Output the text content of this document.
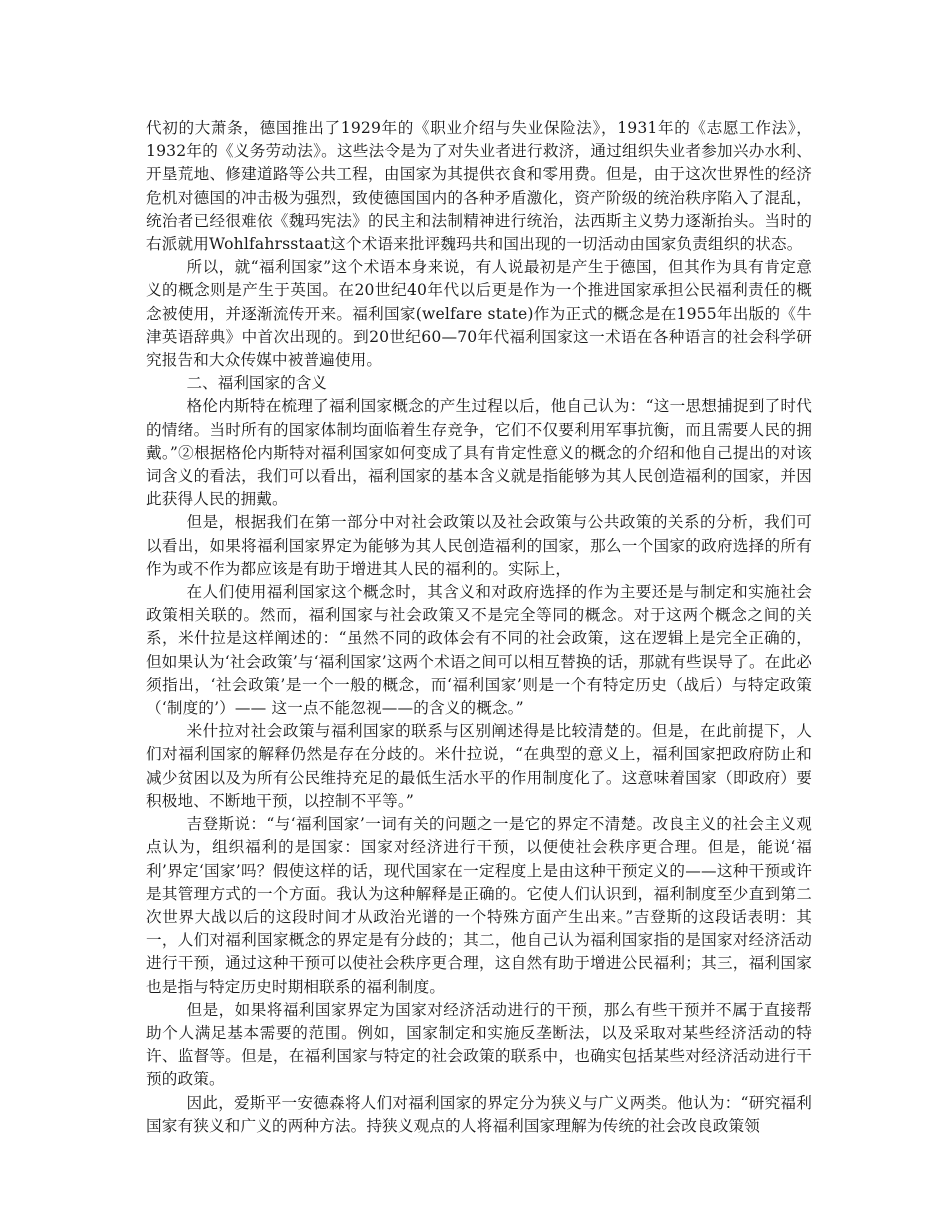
代初的大萧条，德国推出了1929年的《职业介绍与失业保险法》，1931年的《志愿工作法》，1932年的《义务劳动法》。这些法令是为了对失业者进行救济，通过组织失业者参加兴办水利、开垦荒地、修建道路等公共工程，由国家为其提供衣食和零用费。但是，由于这次世界性的经济危机对德国的冲击极为强烈，致使德国国内的各种矛盾激化，资产阶级的统治秩序陷入了混乱，统治者已经很难依《魏玛宪法》的民主和法制精神进行统治，法西斯主义势力逐渐抬头。当时的右派就用Wohlfahrsstaat这个术语来批评魏玛共和国出现的一切活动由国家负责组织的状态。

所以，就“福利国家”这个术语本身来说，有人说最初是产生于德国，但其作为具有肯定意义的概念则是产生于英国。在20世纪40年代以后更是作为一个推进国家承担公民福利责任的概念被使用，并逐渐流传开来。福利国家(welfare state)作为正式的概念是在1955年出版的《牛津英语辞典》中首次出现的。到20世纪60—70年代福利国家这一术语在各种语言的社会科学研究报告和大众传媒中被普遍使用。

二、福利国家的含义

格伦内斯特在梳理了福利国家概念的产生过程以后，他自己认为：“这一思想捕捉到了时代的情绪。当时所有的国家体制均面临着生存竞争，它们不仅要利用军事抗衡，而且需要人民的拥戴。”②根据格伦内斯特对福利国家如何变成了具有肯定性意义的概念的介绍和他自己提出的对该词含义的看法，我们可以看出，福利国家的基本含义就是指能够为其人民创造福利的国家，并因此获得人民的拥戴。

但是，根据我们在第一部分中对社会政策以及社会政策与公共政策的关系的分析，我们可以看出，如果将福利国家界定为能够为其人民创造福利的国家，那么一个国家的政府选择的所有作为或不作为都应该是有助于增进其人民的福利的。实际上，

在人们使用福利国家这个概念时，其含义和对政府选择的作为主要还是与制定和实施社会政策相关联的。然而，福利国家与社会政策又不是完全等同的概念。对于这两个概念之间的关系，米什拉是这样阐述的：“虽然不同的政体会有不同的社会政策，这在逻辑上是完全正确的，但如果认为‘社会政策’与‘福利国家’这两个术语之间可以相互替换的话，那就有些误导了。在此必须指出，‘社会政策’是一个一般的概念，而‘福利国家’则是一个有特定历史（战后）与特定政策（‘制度的’）—— 这一点不能忽视——的含义的概念。”

米什拉对社会政策与福利国家的联系与区别阐述得是比较清楚的。但是，在此前提下，人们对福利国家的解释仍然是存在分歧的。米什拉说，“在典型的意义上，福利国家把政府防止和减少贫困以及为所有公民维持充足的最低生活水平的作用制度化了。这意味着国家（即政府）要积极地、不断地干预，以控制不平等。”

吉登斯说：“与‘福利国家’一词有关的问题之一是它的界定不清楚。改良主义的社会主义观点认为，组织福利的是国家：国家对经济进行干预，以便使社会秩序更合理。但是，能说‘福利’界定‘国家’吗？假使这样的话，现代国家在一定程度上是由这种干预定义的——这种干预或许是其管理方式的一个方面。我认为这种解释是正确的。它使人们认识到，福利制度至少直到第二次世界大战以后的这段时间才从政治光谱的一个特殊方面产生出来。”吉登斯的这段话表明：其一，人们对福利国家概念的界定是有分歧的；其二，他自己认为福利国家指的是国家对经济活动进行干预，通过这种干预可以使社会秩序更合理，这自然有助于增进公民福利；其三，福利国家也是指与特定历史时期相联系的福利制度。

但是，如果将福利国家界定为国家对经济活动进行的干预，那么有些干预并不属于直接帮助个人满足基本需要的范围。例如，国家制定和实施反垄断法，以及采取对某些经济活动的特许、监督等。但是，在福利国家与特定的社会政策的联系中，也确实包括某些对经济活动进行干预的政策。

因此，爱斯平一安德森将人们对福利国家的界定分为狭义与广义两类。他认为：“研究福利国家有狭义和广义的两种方法。持狭义观点的人将福利国家理解为传统的社会改良政策领
